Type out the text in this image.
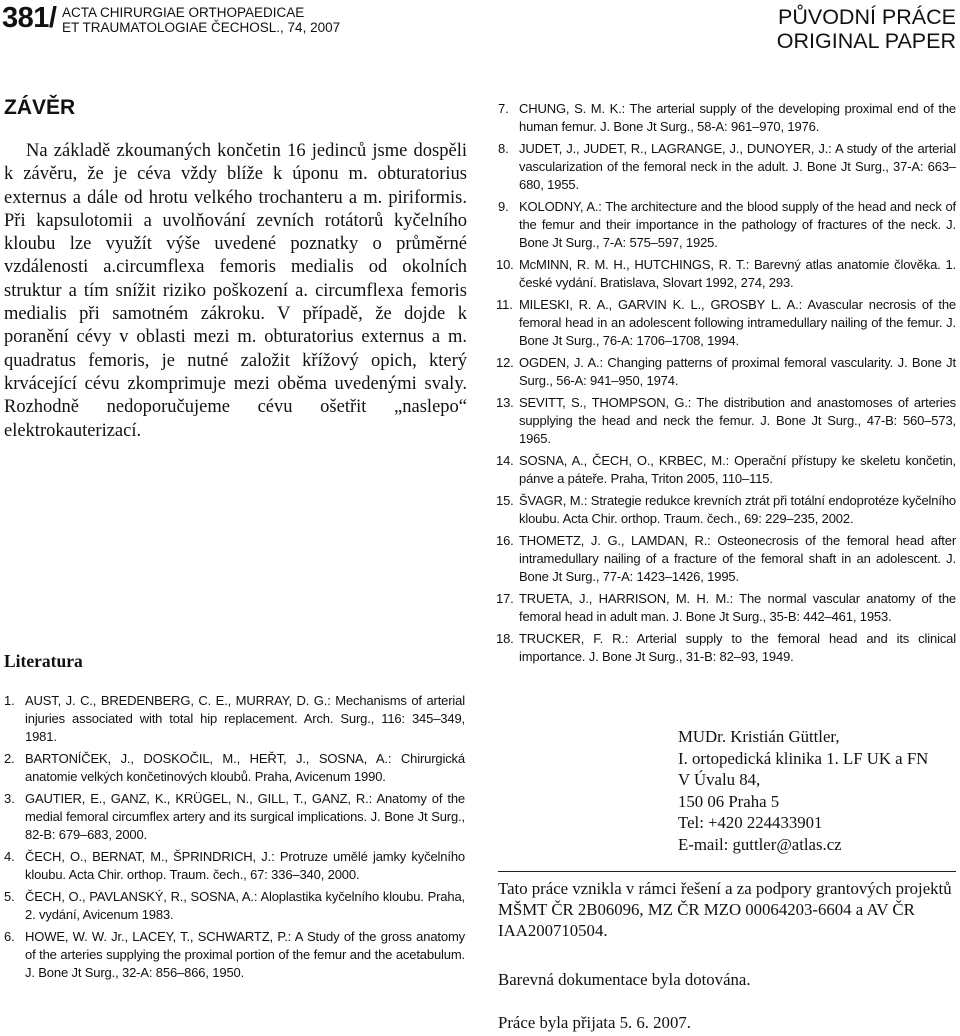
381/ ACTA CHIRURGIAE ORTHOPAEDICAE
ET TRAUMATOLOGIAE ČECHOSL., 74, 2007	PŮVODNÍ PRÁCE
ORIGINAL PAPER
ZÁVĚR

Na základě zkoumaných končetin 16 jedinců jsme dospěli k závěru, že je céva vždy blíže k úponu m. obturatorius externus a dále od hrotu velkého trochanteru a m. piriformis. Při kapsulotomii a uvolňování zevních rotátorů kyčelního kloubu lze využít výše uvedené poznatky o průměrné vzdálenosti a.circumflexa femoris medialis od okolních struktur a tím snížit riziko poškození a. circumflexa femoris medialis při samotném zákroku. V případě, že dojde k poranění cévy v oblasti mezi m. obturatorius externus a m. quadratus femoris, je nutné založit křížový opich, který krvácející cévu zkomprimuje mezi oběma uvedenými svaly. Rozhodně nedoporučujeme cévu ošetřit „naslepo“ elektrokauterizací.

Literatura
1. AUST, J. C., BREDENBERG, C. E., MURRAY, D. G.: Mechanisms of arterial injuries associated with total hip replacement. Arch. Surg., 116: 345–349, 1981.
2. BARTONÍČEK, J., DOSKOČIL, M., HEŘT, J., SOSNA, A.: Chirurgická anatomie velkých končetinových kloubů. Praha, Avicenum 1990.
3. GAUTIER, E., GANZ, K., KRÜGEL, N., GILL, T., GANZ, R.: Anatomy of the medial femoral circumflex artery and its surgical implications. J. Bone Jt Surg., 82-B: 679–683, 2000.
4. ČECH, O., BERNAT, M., ŠPRINDRICH, J.: Protruze umělé jamky kyčelního kloubu. Acta Chir. orthop. Traum. čech., 67: 336–340, 2000.
5. ČECH, O., PAVLANSKÝ, R., SOSNA, A.: Aloplastika kyčelního kloubu. Praha, 2. vydání, Avicenum 1983.
6. HOWE, W. W. Jr., LACEY, T., SCHWARTZ, P.: A Study of the gross anatomy of the arteries supplying the proximal portion of the femur and the acetabulum. J. Bone Jt Surg., 32-A: 856–866, 1950.
7. CHUNG, S. M. K.: The arterial supply of the developing proximal end of the human femur. J. Bone Jt Surg., 58-A: 961–970, 1976.
8. JUDET, J., JUDET, R., LAGRANGE, J., DUNOYER, J.: A study of the arterial vascularization of the femoral neck in the adult. J. Bone Jt Surg., 37-A: 663–680, 1955.
9. KOLODNY, A.: The architecture and the blood supply of the head and neck of the femur and their importance in the pathology of fractures of the neck. J. Bone Jt Surg., 7-A: 575–597, 1925.
10. McMINN, R. M. H., HUTCHINGS, R. T.: Barevný atlas anatomie člověka. 1. české vydání. Bratislava, Slovart 1992, 274, 293.
11. MILESKI, R. A., GARVIN K. L., GROSBY L. A.: Avascular necrosis of the femoral head in an adolescent following intramedullary nailing of the femur. J. Bone Jt Surg., 76-A: 1706–1708, 1994.
12. OGDEN, J. A.: Changing patterns of proximal femoral vascularity. J. Bone Jt Surg., 56-A: 941–950, 1974.
13. SEVITT, S., THOMPSON, G.: The distribution and anastomoses of arteries supplying the head and neck the femur. J. Bone Jt Surg., 47-B: 560–573, 1965.
14. SOSNA, A., ČECH, O., KRBEC, M.: Operační přístupy ke skeletu končetin, pánve a páteře. Praha, Triton 2005, 110–115.
15. ŠVAGR, M.: Strategie redukce krevních ztrát při totální endoprotéze kyčelního kloubu. Acta Chir. orthop. Traum. čech., 69: 229–235, 2002.
16. THOMETZ, J. G., LAMDAN, R.: Osteonecrosis of the femoral head after intramedullary nailing of a fracture of the femoral shaft in an adolescent. J. Bone Jt Surg., 77-A: 1423–1426, 1995.
17. TRUETA, J., HARRISON, M. H. M.: The normal vascular anatomy of the femoral head in adult man. J. Bone Jt Surg., 35-B: 442–461, 1953.
18. TRUCKER, F. R.: Arterial supply to the femoral head and its clinical importance. J. Bone Jt Surg., 31-B: 82–93, 1949.
MUDr. Kristián Güttler,
I. ortopedická klinika 1. LF UK a FN
V Úvalu 84,
150 06 Praha 5
Tel: +420 224433901
E-mail: guttler@atlas.cz
Tato práce vznikla v rámci řešení a za podpory grantových projektů MŠMT ČR 2B06096, MZ ČR MZO 00064203-6604 a AV ČR IAA200710504.
Barevná dokumentace byla dotována.
Práce byla přijata 5. 6. 2007.
